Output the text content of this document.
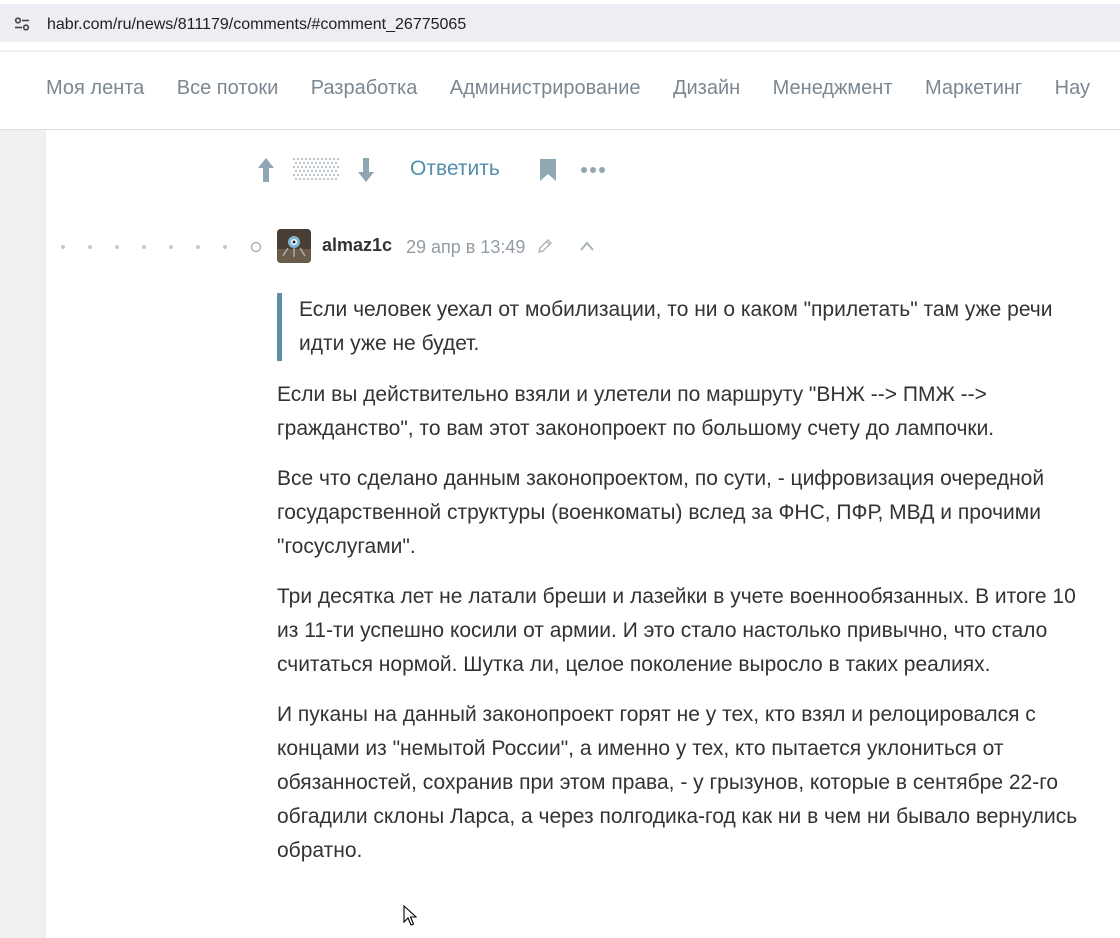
habr.com/ru/news/811179/comments/#comment_26775065
Моя лента Все потоки Разработка Администрирование Дизайн Менеджмент Маркетинг Нау
Ответить
almaz1c 29 апр в 13:49

Если человек уехал от мобилизации, то ни о каком "прилетать" там уже речи идти уже не будет.

Если вы действительно взяли и улетели по маршруту "ВНЖ --> ПМЖ --> гражданство", то вам этот законопроект по большому счету до лампочки.

Все что сделано данным законопроектом, по сути, - цифровизация очередной государственной структуры (военкоматы) вслед за ФНС, ПФР, МВД и прочими "госуслугами".

Три десятка лет не латали бреши и лазейки в учете военнообязанных. В итоге 10 из 11-ти успешно косили от армии. И это стало настолько привычно, что стало считаться нормой. Шутка ли, целое поколение выросло в таких реалиях.

И пуканы на данный законопроект горят не у тех, кто взял и релоцировался с концами из "немытой России", а именно у тех, кто пытается уклониться от обязанностей, сохранив при этом права, - у грызунов, которые в сентябре 22-го обгадили склоны Ларса, а через полгодика-год как ни в чем ни бывало вернулись обратно.
